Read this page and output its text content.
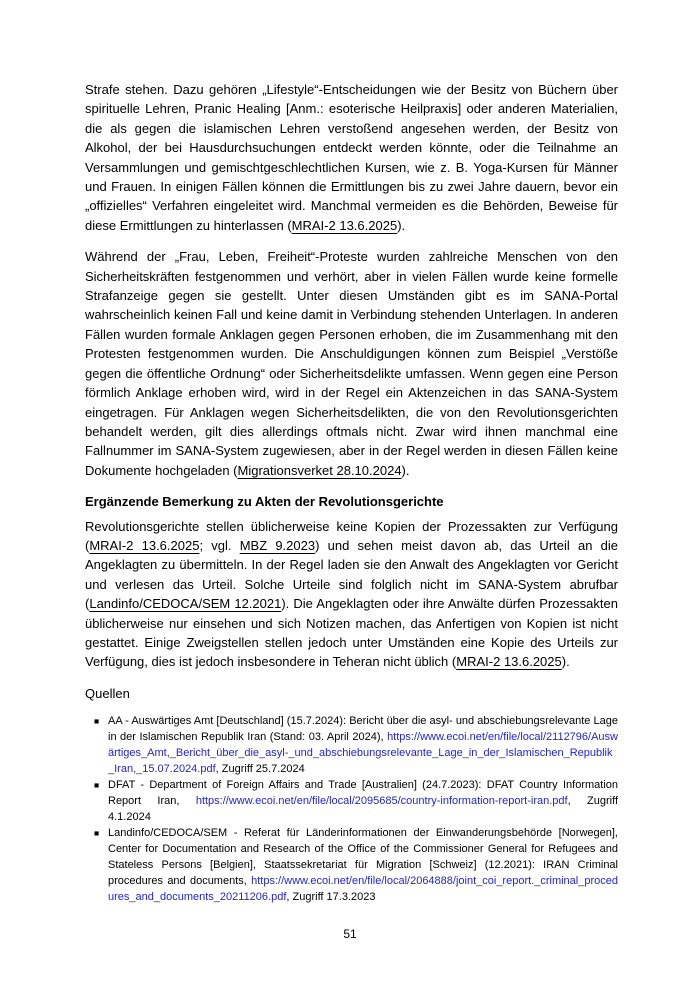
Strafe stehen. Dazu gehören „Lifestyle“-Entscheidungen wie der Besitz von Büchern über spirituelle Lehren, Pranic Healing [Anm.: esoterische Heilpraxis] oder anderen Materialien, die als gegen die islamischen Lehren verstoßend angesehen werden, der Besitz von Alkohol, der bei Hausdurchsuchungen entdeckt werden könnte, oder die Teilnahme an Versammlungen und gemischtgeschlechtlichen Kursen, wie z. B. Yoga-Kursen für Männer und Frauen. In einigen Fällen können die Ermittlungen bis zu zwei Jahre dauern, bevor ein „offizielles“ Verfahren eingeleitet wird. Manchmal vermeiden es die Behörden, Beweise für diese Ermittlungen zu hinterlassen (MRAI-2 13.6.2025).

Während der „Frau, Leben, Freiheit“-Proteste wurden zahlreiche Menschen von den Sicherheitskräften festgenommen und verhört, aber in vielen Fällen wurde keine formelle Strafanzeige gegen sie gestellt. Unter diesen Umständen gibt es im SANA-Portal wahrscheinlich keinen Fall und keine damit in Verbindung stehenden Unterlagen. In anderen Fällen wurden formale Anklagen gegen Personen erhoben, die im Zusammenhang mit den Protesten festgenommen wurden. Die Anschuldigungen können zum Beispiel „Verstöße gegen die öffentliche Ordnung“ oder Sicherheitsdelikte umfassen. Wenn gegen eine Person förmlich Anklage erhoben wird, wird in der Regel ein Aktenzeichen in das SANA-System eingetragen. Für Anklagen wegen Sicherheitsdelikten, die von den Revolutionsgerichten behandelt werden, gilt dies allerdings oftmals nicht. Zwar wird ihnen manchmal eine Fallnummer im SANA-System zugewiesen, aber in der Regel werden in diesen Fällen keine Dokumente hochgeladen (Migrationsverket 28.10.2024).

Ergänzende Bemerkung zu Akten der Revolutionsgerichte

Revolutionsgerichte stellen üblicherweise keine Kopien der Prozessakten zur Verfügung (MRAI-2 13.6.2025; vgl. MBZ 9.2023) und sehen meist davon ab, das Urteil an die Angeklagten zu übermitteln. In der Regel laden sie den Anwalt des Angeklagten vor Gericht und verlesen das Urteil. Solche Urteile sind folglich nicht im SANA-System abrufbar (Landinfo/CEDOCA/SEM 12.2021). Die Angeklagten oder ihre Anwälte dürfen Prozessakten üblicherweise nur einsehen und sich Notizen machen, das Anfertigen von Kopien ist nicht gestattet. Einige Zweigstellen stellen jedoch unter Umständen eine Kopie des Urteils zur Verfügung, dies ist jedoch insbesondere in Teheran nicht üblich (MRAI-2 13.6.2025).

Quellen

■ AA - Auswärtiges Amt [Deutschland] (15.7.2024): Bericht über die asyl- und abschiebungsrelevante Lage in der Islamischen Republik Iran (Stand: 03. April 2024), https://www.ecoi.net/en/file/local/2112796/Auswärtiges_Amt,_Bericht_über_die_asyl-_und_abschiebungsrelevante_Lage_in_der_Islamischen_Republik_Iran,_15.07.2024.pdf, Zugriff 25.7.2024
■ DFAT - Department of Foreign Affairs and Trade [Australien] (24.7.2023): DFAT Country Information Report Iran, https://www.ecoi.net/en/file/local/2095685/country-information-report-iran.pdf, Zugriff 4.1.2024
■ Landinfo/CEDOCA/SEM - Referat für Länderinformationen der Einwanderungsbehörde [Norwegen], Center for Documentation and Research of the Office of the Commissioner General for Refugees and Stateless Persons [Belgien], Staatssekretariat für Migration [Schweiz] (12.2021): IRAN Criminal procedures and documents, https://www.ecoi.net/en/file/local/2064888/joint_coi_report._criminal_procedures_and_documents_20211206.pdf, Zugriff 17.3.2023
51
